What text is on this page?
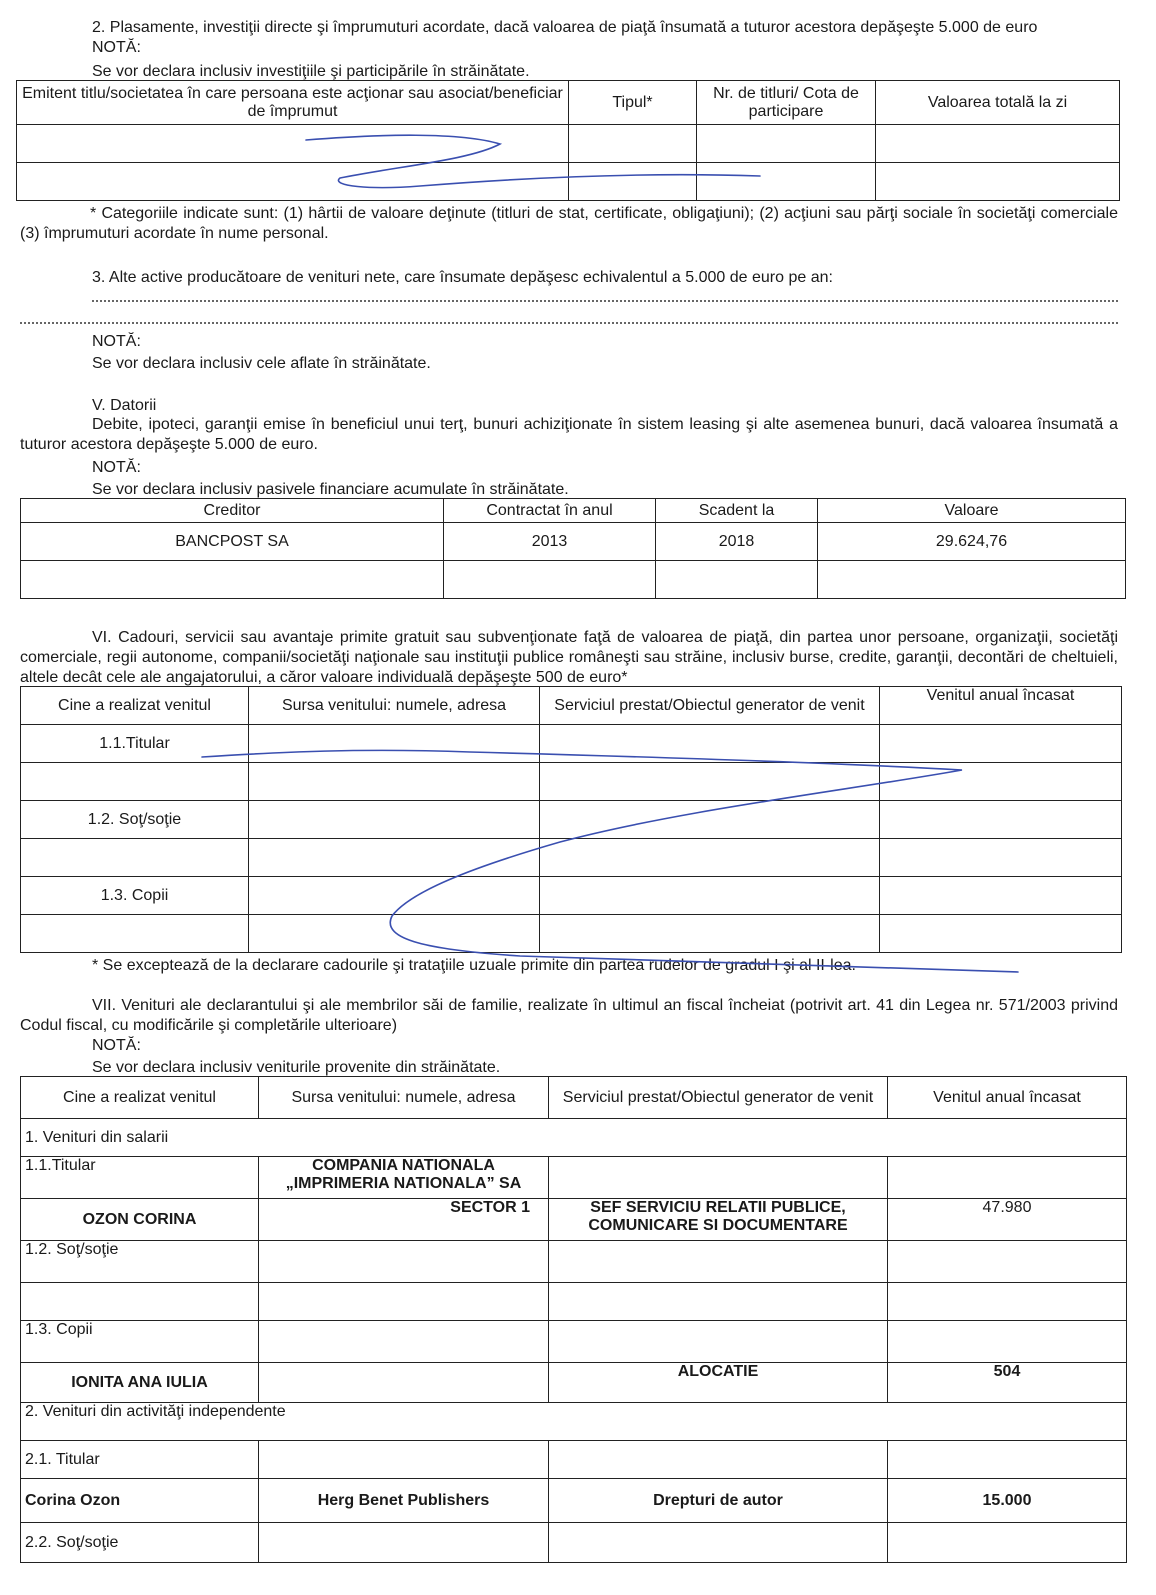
2. Plasamente, investiţii directe şi împrumuturi acordate, dacă valoarea de piaţă însumată a tuturor acestora depăşeşte 5.000 de euro
NOTĂ:
Se vor declara inclusiv investiţiile şi participările în străinătate.
Emitent titlu/societatea în care persoana este acţionar sau asociat/beneficiar de împrumut	Tipul*	Nr. de titluri/ Cota de participare	Valoarea totală la zi

* Categoriile indicate sunt: (1) hârtii de valoare deţinute (titluri de stat, certificate, obligaţiuni); (2) acţiuni sau părţi sociale în societăţi comerciale (3) împrumuturi acordate în nume personal.
3. Alte active producătoare de venituri nete, care însumate depăşesc echivalentul a 5.000 de euro pe an:
NOTĂ:
Se vor declara inclusiv cele aflate în străinătate.
V. Datorii
Debite, ipoteci, garanţii emise în beneficiul unui terţ, bunuri achiziţionate în sistem leasing şi alte asemenea bunuri, dacă valoarea însumată a tuturor acestora depăşeşte 5.000 de euro.
NOTĂ:
Se vor declara inclusiv pasivele financiare acumulate în străinătate.
Creditor	Contractat în anul	Scadent la	Valoare
BANCPOST SA	2013	2018	29.624,76

VI. Cadouri, servicii sau avantaje primite gratuit sau subvenţionate faţă de valoarea de piaţă, din partea unor persoane, organizaţii, societăţi comerciale, regii autonome, companii/societăţi naţionale sau instituţii publice româneşti sau străine, inclusiv burse, credite, garanţii, decontări de cheltuieli, altele decât cele ale angajatorului, a căror valoare individuală depăşeşte 500 de euro*
Cine a realizat venitul	Sursa venitului: numele, adresa	Serviciul prestat/Obiectul generator de venit	Venitul anual încasat
1.1.Titular			

1.2. Soţ/soţie			

1.3. Copii			

* Se exceptează de la declarare cadourile şi trataţiile uzuale primite din partea rudelor de gradul I şi al II-lea.
VII. Venituri ale declarantului şi ale membrilor săi de familie, realizate în ultimul an fiscal încheiat (potrivit art. 41 din Legea nr. 571/2003 privind Codul fiscal, cu modificările şi completările ulterioare)
NOTĂ:
Se vor declara inclusiv veniturile provenite din străinătate.
Cine a realizat venitul	Sursa venitului: numele, adresa	Serviciul prestat/Obiectul generator de venit	Venitul anual încasat
1. Venituri din salarii			
1.1.Titular	COMPANIA NATIONALA
„IMPRIMERIA NATIONALA” SA		

OZON CORINA	SECTOR 1	SEF SERVICIU RELATII PUBLICE, COMUNICARE SI DOCUMENTARE	47.980
1.2. Soţ/soţie			

1.3. Copii			
IONITA ANA IULIA		ALOCATIE	504
2. Venituri din activităţi independente			
2.1. Titular			
Corina Ozon	Herg Benet Publishers	Drepturi de autor	15.000
2.2. Soţ/soţie			
